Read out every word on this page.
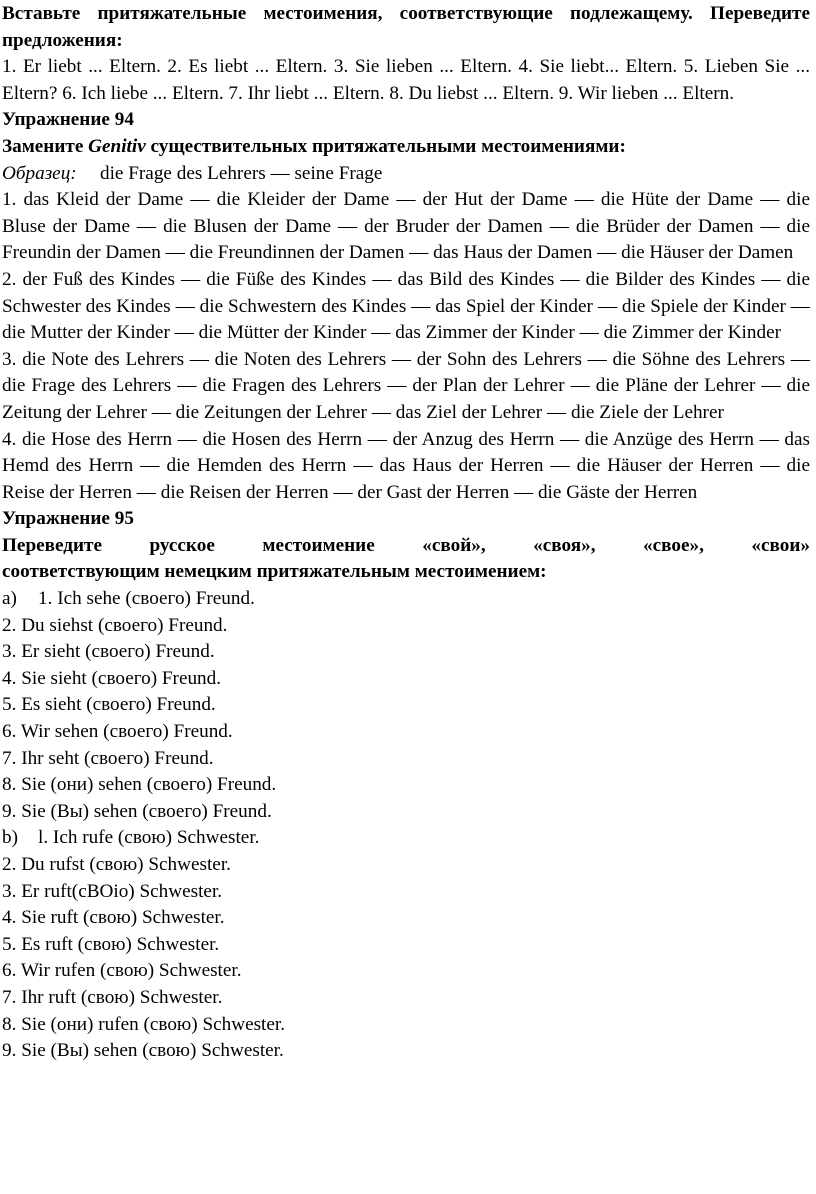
Вставьте притяжательные местоимения, соответствующие подлежащему. Переведите предложения:

1. Er liebt ... Eltern. 2. Es liebt ... Eltern. 3. Sie lieben ... Eltern. 4. Sie liebt... Eltern. 5. Lieben Sie ... Eltern? 6. Ich liebe ... Eltern. 7. Ihr liebt ... Eltern. 8. Du liebst ... Eltern. 9. Wir lieben ... Eltern.

Упражнение 94

Замените Genitiv существительных притяжательными местоимениями:

Образец: die Frage des Lehrers — seine Frage

1. das Kleid der Dame — die Kleider der Dame — der Hut der Dame — die Hüte der Dame — die Bluse der Dame — die Blusen der Dame — der Bruder der Damen — die Brüder der Damen — die Freundin der Damen — die Freundinnen der Damen — das Haus der Damen — die Häuser der Damen

2. der Fuß des Kindes — die Füße des Kindes — das Bild des Kindes — die Bilder des Kindes — die Schwester des Kindes — die Schwestern des Kindes — das Spiel der Kinder — die Spiele der Kinder — die Mutter der Kinder — die Mütter der Kinder — das Zimmer der Kinder — die Zimmer der Kinder

3. die Note des Lehrers — die Noten des Lehrers — der Sohn des Lehrers — die Söhne des Lehrers — die Frage des Lehrers — die Fragen des Lehrers — der Plan der Lehrer — die Pläne der Lehrer — die Zeitung der Lehrer — die Zeitungen der Lehrer — das Ziel der Lehrer — die Ziele der Lehrer

4. die Hose des Herrn — die Hosen des Herrn — der Anzug des Herrn — die Anzüge des Herrn — das Hemd des Herrn — die Hemden des Herrn — das Haus der Herren — die Häuser der Herren — die Reise der Herren — die Reisen der Herren — der Gast der Herren — die Gäste der Herren

Упражнение 95

Переведите русское местоимение «свой», «своя», «свое», «свои»

соответствующим немецким притяжательным местоимением:

a) 1. Ich sehe (своего) Freund.

2. Du siehst (своего) Freund.

3. Er sieht (своего) Freund.

4. Sie sieht (своего) Freund.

5. Es sieht (своего) Freund.

6. Wir sehen (своего) Freund.

7. Ihr seht (своего) Freund.

8. Sie (они) sehen (своего) Freund.

9. Sie (Вы) sehen (своего) Freund.

b) l. Ich rufe (свою) Schwester.

2. Du rufst (свою) Schwester.

3. Er ruft(сВОio) Schwester.

4. Sie ruft (свою) Schwester.

5. Es ruft (свою) Schwester.

6. Wir rufen (свою) Schwester.

7. Ihr ruft (свою) Schwester.

8. Sie (они) rufen (свою) Schwester.

9. Sie (Вы) sehen (свою) Schwester.
